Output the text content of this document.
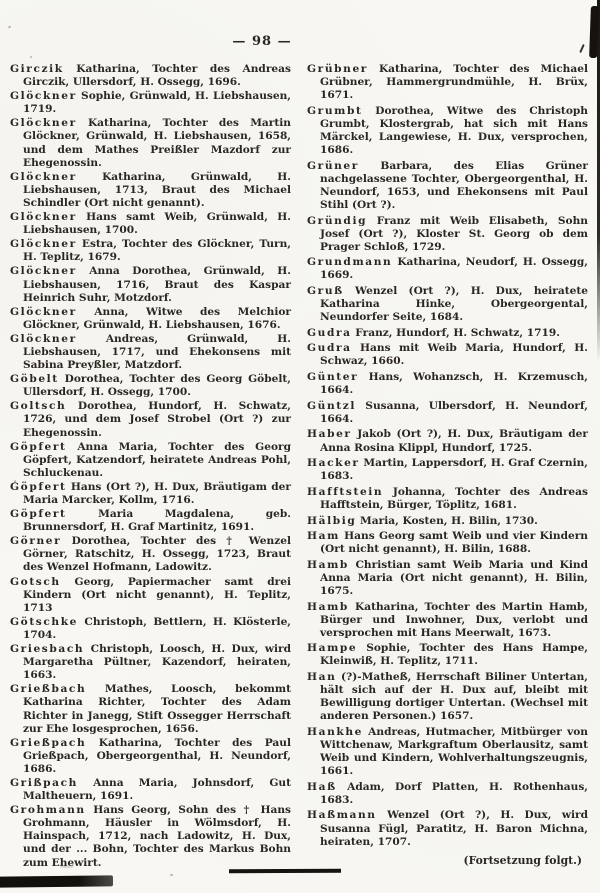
— 98 —

Girczik Katharina, Tochter des Andreas Girczik, Ullersdorf, H. Ossegg, 1696.

Glöckner Sophie, Grünwald, H. Liebshausen, 1719.

Glöckner Katharina, Tochter des Martin Glöckner, Grünwald, H. Liebshausen, 1658, und dem Mathes Preißler Mazdorf zur Ehegenossin.

Glöckner Katharina, Grünwald, H. Liebshausen, 1713, Braut des Michael Schindler (Ort nicht genannt).

Glöckner Hans samt Weib, Grünwald, H. Liebshausen, 1700.

Glöckner Estra, Tochter des Glöckner, Turn, H. Teplitz, 1679.

Glöckner Anna Dorothea, Grünwald, H. Liebshausen, 1716, Braut des Kaspar Heinrich Suhr, Motzdorf.

Glöckner Anna, Witwe des Melchior Glöckner, Grünwald, H. Liebshausen, 1676.

Glöckner Andreas, Grünwald, H. Liebshausen, 1717, und Ehekonsens mit Sabina Preyßler, Matzdorf.

Göbelt Dorothea, Tochter des Georg Göbelt, Ullersdorf, H. Ossegg, 1700.

Goltsch Dorothea, Hundorf, H. Schwatz, 1726, und dem Josef Strobel (Ort ?) zur Ehegenossin.

Göpfert Anna Maria, Tochter des Georg Göpfert, Katzendorf, heiratete Andreas Pohl, Schluckenau.

Göpfert Hans (Ort ?), H. Dux, Bräutigam der Maria Marcker, Kollm, 1716.

Göpfert Maria Magdalena, geb. Brunnersdorf, H. Graf Martinitz, 1691.

Görner Dorothea, Tochter des † Wenzel Görner, Ratschitz, H. Ossegg, 1723, Braut des Wenzel Hofmann, Ladowitz.

Gotsch Georg, Papiermacher samt drei Kindern (Ort nicht genannt), H. Teplitz, 1713

Götschke Christoph, Bettlern, H. Klösterle, 1704.

Griesbach Christoph, Loosch, H. Dux, wird Margaretha Pültner, Kazendorf, heiraten, 1663.

Grießbach Mathes, Loosch, bekommt Katharina Richter, Tochter des Adam Richter in Janegg, Stift Ossegger Herrschaft zur Ehe losgesprochen, 1656.

Grießpach Katharina, Tochter des Paul Grießpach, Obergeorgenthal, H. Neundorf, 1686.

Grißpach Anna Maria, Johnsdorf, Gut Maltheuern, 1691.

Grohmann Hans Georg, Sohn des † Hans Grohmann, Häusler in Wölmsdorf, H. Hainspach, 1712, nach Ladowitz, H. Dux, und der ... Bohn, Tochter des Markus Bohn zum Ehewirt.

Grübner Katharina, Tochter des Michael Grübner, Hammergrundmühle, H. Brüx, 1671.

Grumbt Dorothea, Witwe des Christoph Grumbt, Klostergrab, hat sich mit Hans Märckel, Langewiese, H. Dux, versprochen, 1686.

Grüner Barbara, des Elias Grüner nachgelassene Tochter, Obergeorgenthal, H. Neundorf, 1653, und Ehekonsens mit Paul Stihl (Ort ?).

Gründig Franz mit Weib Elisabeth, Sohn Josef (Ort ?), Kloster St. Georg ob dem Prager Schloß, 1729.

Grundmann Katharina, Neudorf, H. Ossegg, 1669.

Gruß Wenzel (Ort ?), H. Dux, heiratete Katharina Hinke, Obergeorgental, Neundorfer Seite, 1684.

Gudra Franz, Hundorf, H. Schwatz, 1719.

Gudra Hans mit Weib Maria, Hundorf, H. Schwaz, 1660.

Günter Hans, Wohanzsch, H. Krzemusch, 1664.

Güntzl Susanna, Ulbersdorf, H. Neundorf, 1664.

Haber Jakob (Ort ?), H. Dux, Bräutigam der Anna Rosina Klippl, Hundorf, 1725.

Hacker Martin, Lappersdorf, H. Graf Czernin, 1683.

Hafftstein Johanna, Tochter des Andreas Hafftstein, Bürger, Töplitz, 1681.

Hälbig Maria, Kosten, H. Bilin, 1730.

Ham Hans Georg samt Weib und vier Kindern (Ort nicht genannt), H. Bilin, 1688.

Hamb Christian samt Weib Maria und Kind Anna Maria (Ort nicht genannt), H. Bilin, 1675.

Hamb Katharina, Tochter des Martin Hamb, Bürger und Inwohner, Dux, verlobt und versprochen mit Hans Meerwalt, 1673.

Hampe Sophie, Tochter des Hans Hampe, Kleinwiß, H. Teplitz, 1711.

Han (?)-Matheß, Herrschaft Biliner Untertan, hält sich auf der H. Dux auf, bleibt mit Bewilligung dortiger Untertan. (Wechsel mit anderen Personen.) 1657.

Hankhe Andreas, Hutmacher, Mitbürger von Wittchenaw, Markgraftum Oberlausitz, samt Weib und Kindern, Wohlverhaltungszeugnis, 1661.

Haß Adam, Dorf Platten, H. Rothenhaus, 1683.

Haßmann Wenzel (Ort ?), H. Dux, wird Susanna Fügl, Paratitz, H. Baron Michna, heiraten, 1707.

(Fortsetzung folgt.)
